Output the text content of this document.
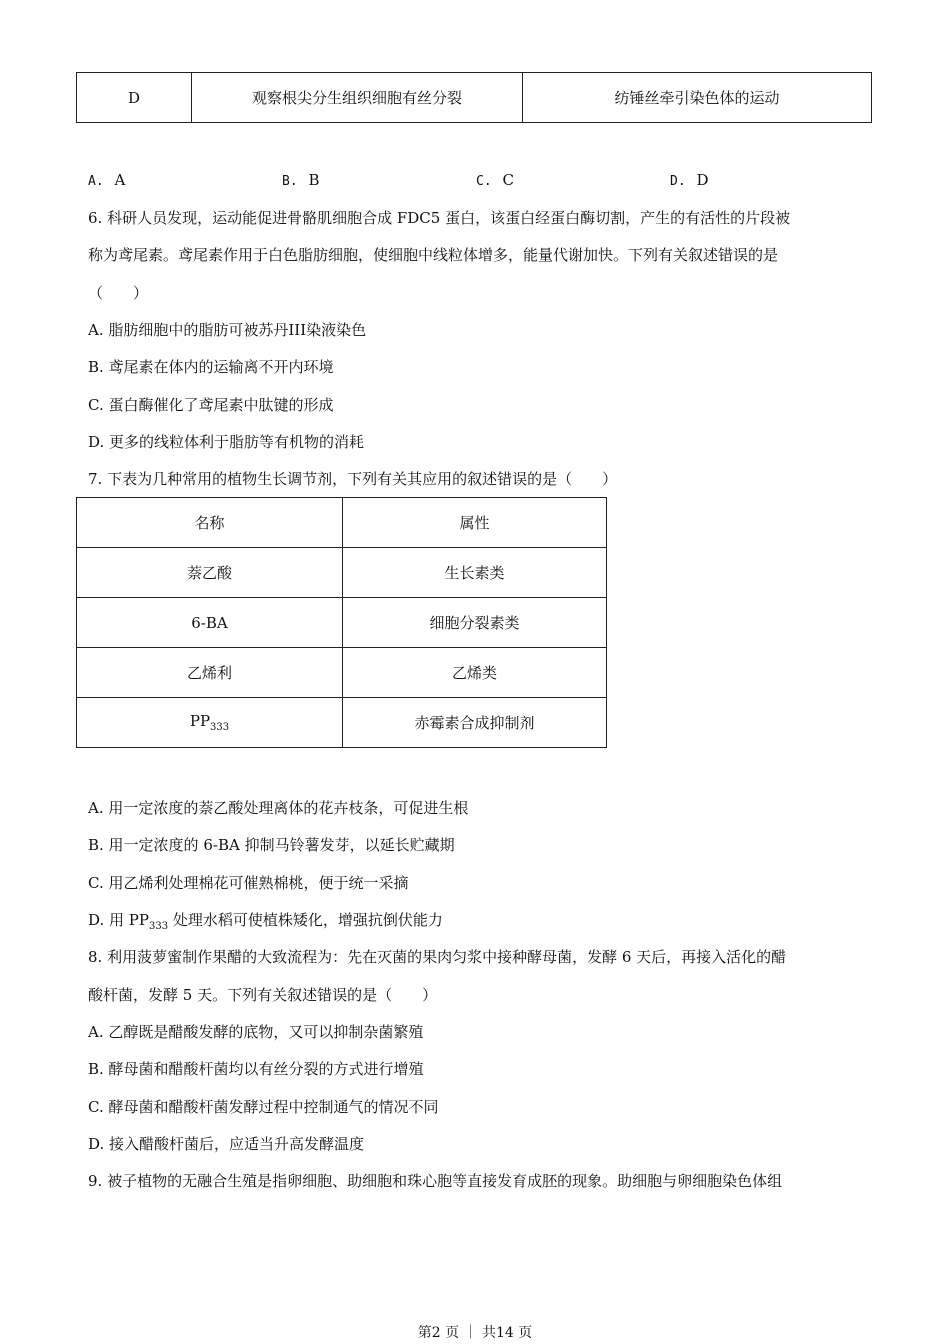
D	观察根尖分生组织细胞有丝分裂	纺锤丝牵引染色体的运动
A. A	B. B	C. C	D. D
6. 科研人员发现，运动能促进骨骼肌细胞合成 FDC5 蛋白，该蛋白经蛋白酶切割，产生的有活性的片段被
称为鸢尾素。鸢尾素作用于白色脂肪细胞，使细胞中线粒体增多，能量代谢加快。下列有关叙述错误的是
（　　）
A. 脂肪细胞中的脂肪可被苏丹III染液染色
B. 鸢尾素在体内的运输离不开内环境
C. 蛋白酶催化了鸢尾素中肽键的形成
D. 更多的线粒体利于脂肪等有机物的消耗
7. 下表为几种常用的植物生长调节剂，下列有关其应用的叙述错误的是（　　）
名称	属性
萘乙酸	生长素类
6-BA	细胞分裂素类
乙烯利	乙烯类
$PP_{333}$	赤霉素合成抑制剂
A. 用一定浓度的萘乙酸处理离体的花卉枝条，可促进生根
B. 用一定浓度的 6-BA 抑制马铃薯发芽，以延长贮藏期
C. 用乙烯利处理棉花可催熟棉桃，便于统一采摘
D. 用 $PP_{333}$ 处理水稻可使植株矮化，增强抗倒伏能力
8. 利用菠萝蜜制作果醋的大致流程为：先在灭菌的果肉匀浆中接种酵母菌，发酵 6 天后，再接入活化的醋
酸杆菌，发酵 5 天。下列有关叙述错误的是（　　）
A. 乙醇既是醋酸发酵的底物，又可以抑制杂菌繁殖
B. 酵母菌和醋酸杆菌均以有丝分裂的方式进行增殖
C. 酵母菌和醋酸杆菌发酵过程中控制通气的情况不同
D. 接入醋酸杆菌后，应适当升高发酵温度
9. 被子植物的无融合生殖是指卵细胞、助细胞和珠心胞等直接发育成胚的现象。助细胞与卵细胞染色体组
第2 页 ｜ 共14 页
